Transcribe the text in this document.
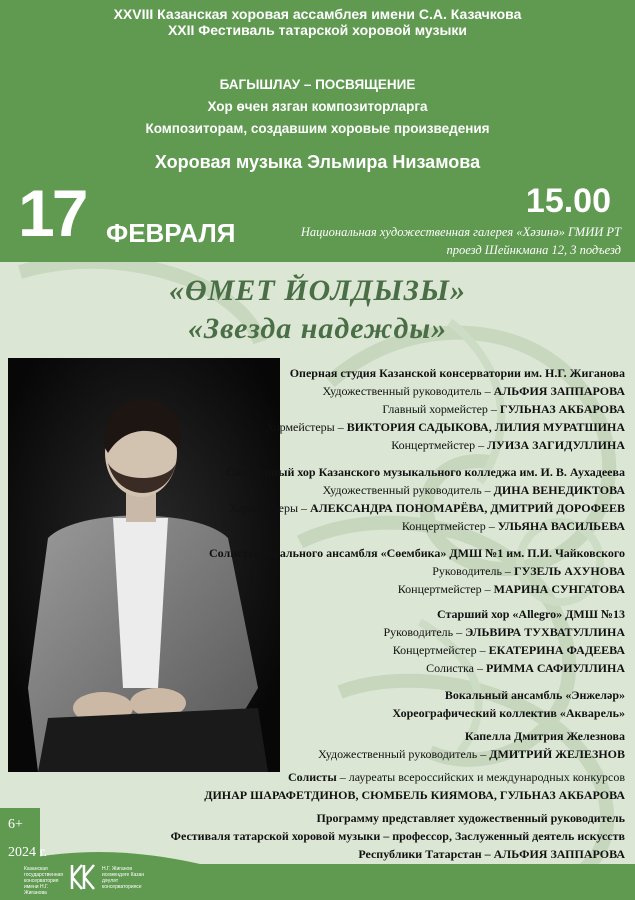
XXVIII Казанская хоровая ассамблея имени С.А. Казачкова
XXII Фестиваль татарской хоровой музыки
БАГЫШЛАУ – ПОСВЯЩЕНИЕ
Хор өчен язган композиторларга
Композиторам, создавшим хоровые произведения
Хоровая музыка Эльмира Низамова
17 ФЕВРАЛЯ
15.00
Национальная художественная галерея «Хәзинә» ГМИИ РТ
проезд Шейнкмана 12, 3 подъезд
«ӨМЕТ ЙОЛДЫЗЫ»
«Звезда надежды»
Оперная студия Казанской консерватории им. Н.Г. Жиганова
Художественный руководитель – АЛЬФИЯ ЗАППАРОВА
Главный хормейстер – ГУЛЬНАЗ АКБАРОВА
Хормейстеры – ВИКТОРИЯ САДЫКОВА, ЛИЛИЯ МУРАТШИНА
Концертмейстер – ЛУИЗА ЗАГИДУЛЛИНА
Смешанный хор Казанского музыкального колледжа им. И. В. Аухадеева
Художественный руководитель – ДИНА ВЕНЕДИКТОВА
Хормейстеры – АЛЕКСАНДРА ПОНОМАРЁВА, ДМИТРИЙ ДОРОФЕЕВ
Концертмейстер – УЛЬЯНА ВАСИЛЬЕВА
Солисты вокального ансамбля «Сөембика» ДМШ №1 им. П.И. Чайковского
Руководитель – ГУЗЕЛЬ АХУНОВА
Концертмейстер – МАРИНА СУНГАТОВА
Старший хор «Allegro» ДМШ №13
Руководитель – ЭЛЬВИРА ТУХВАТУЛЛИНА
Концертмейстер – ЕКАТЕРИНА ФАДЕЕВА
Солистка – РИММА САФИУЛЛИНА
Вокальный ансамбль «Энжеләр»
Хореографический коллектив «Акварель»
Капелла Дмитрия Железнова
Художественный руководитель – ДМИТРИЙ ЖЕЛЕЗНОВ
Солисты – лауреаты всероссийских и международных конкурсов
ДИНАР ШАРАФЕТДИНОВ, СЮМБЕЛЬ КИЯМОВА, ГУЛЬНАЗ АКБАРОВА
Программу представляет художественный руководитель
Фестиваля татарской хоровой музыки – профессор, Заслуженный деятель искусств
Республики Татарстан – АЛЬФИЯ ЗАППАРОВА
6+
2024 г.
Казанская государственная консерватория имени Н.Г. Жиганова
Н.Г. Жиганов исемендәге Казан дәүләт консерваториясе
